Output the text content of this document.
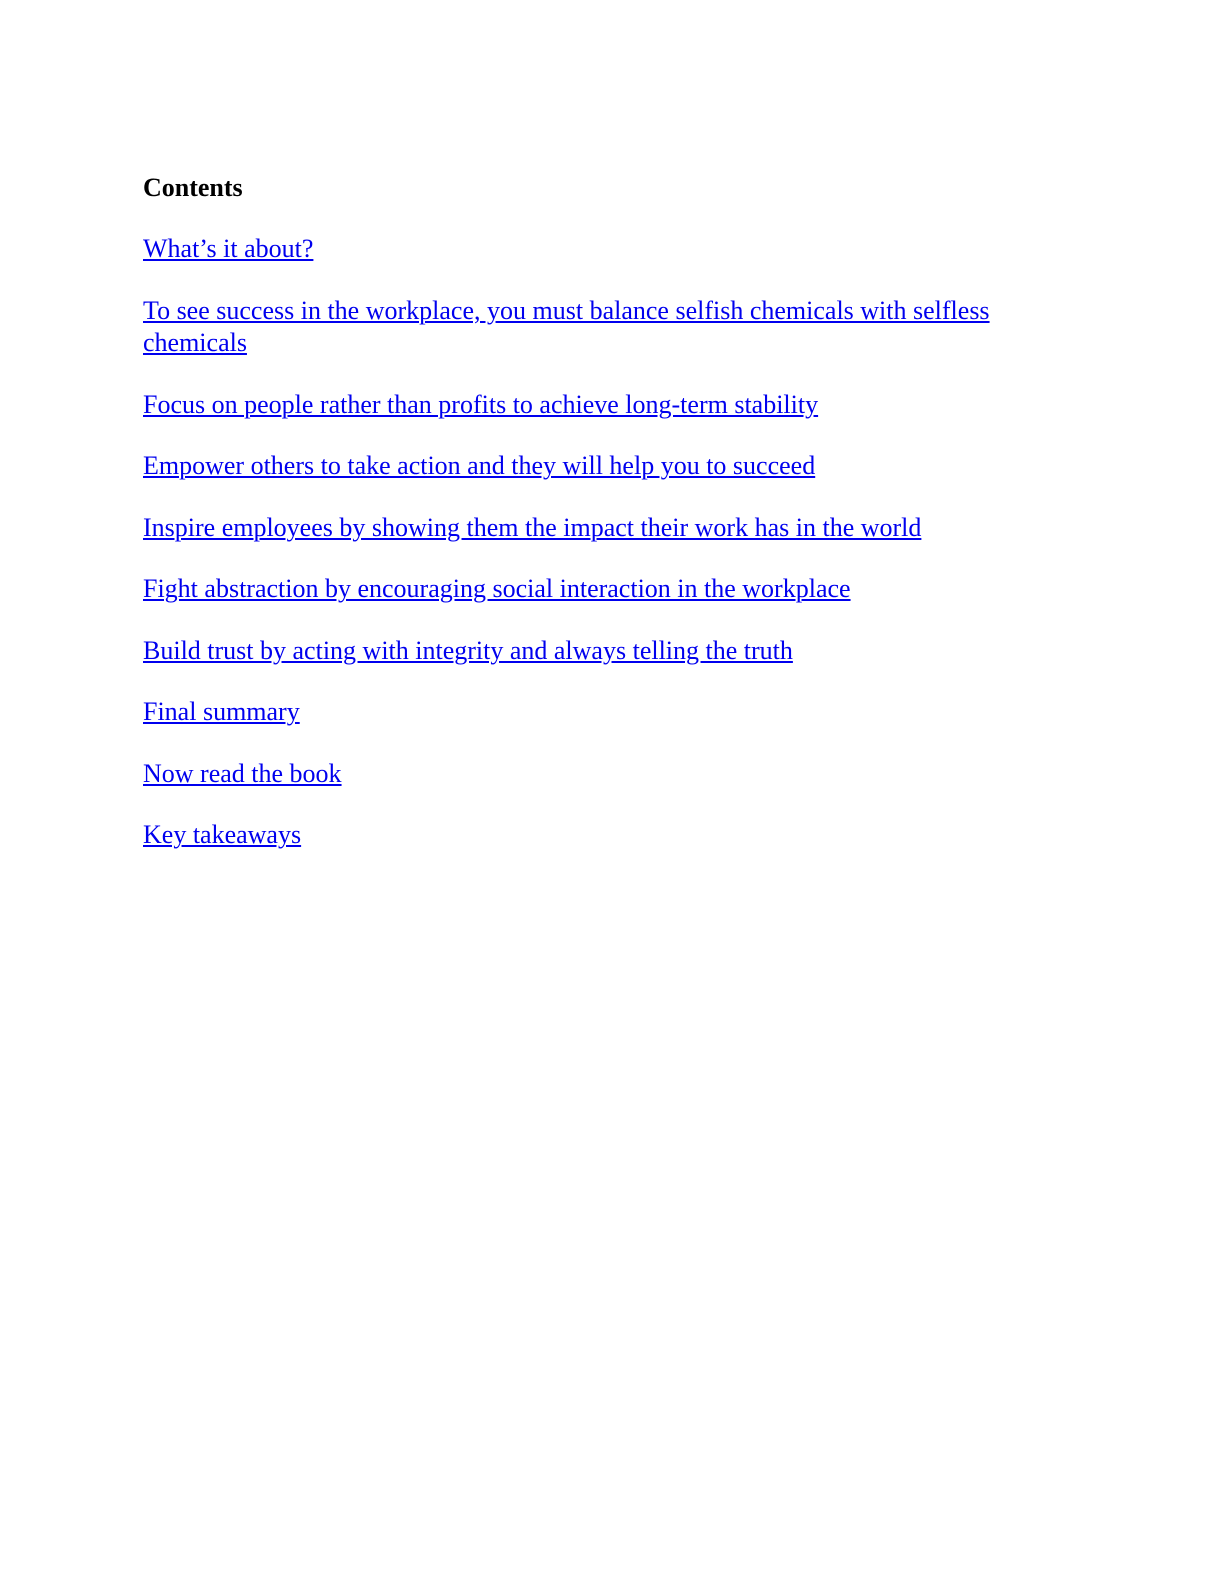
Contents
What’s it about?
To see success in the workplace, you must balance selfish chemicals with selfless chemicals
Focus on people rather than profits to achieve long-term stability
Empower others to take action and they will help you to succeed
Inspire employees by showing them the impact their work has in the world
Fight abstraction by encouraging social interaction in the workplace
Build trust by acting with integrity and always telling the truth
Final summary
Now read the book
Key takeaways
